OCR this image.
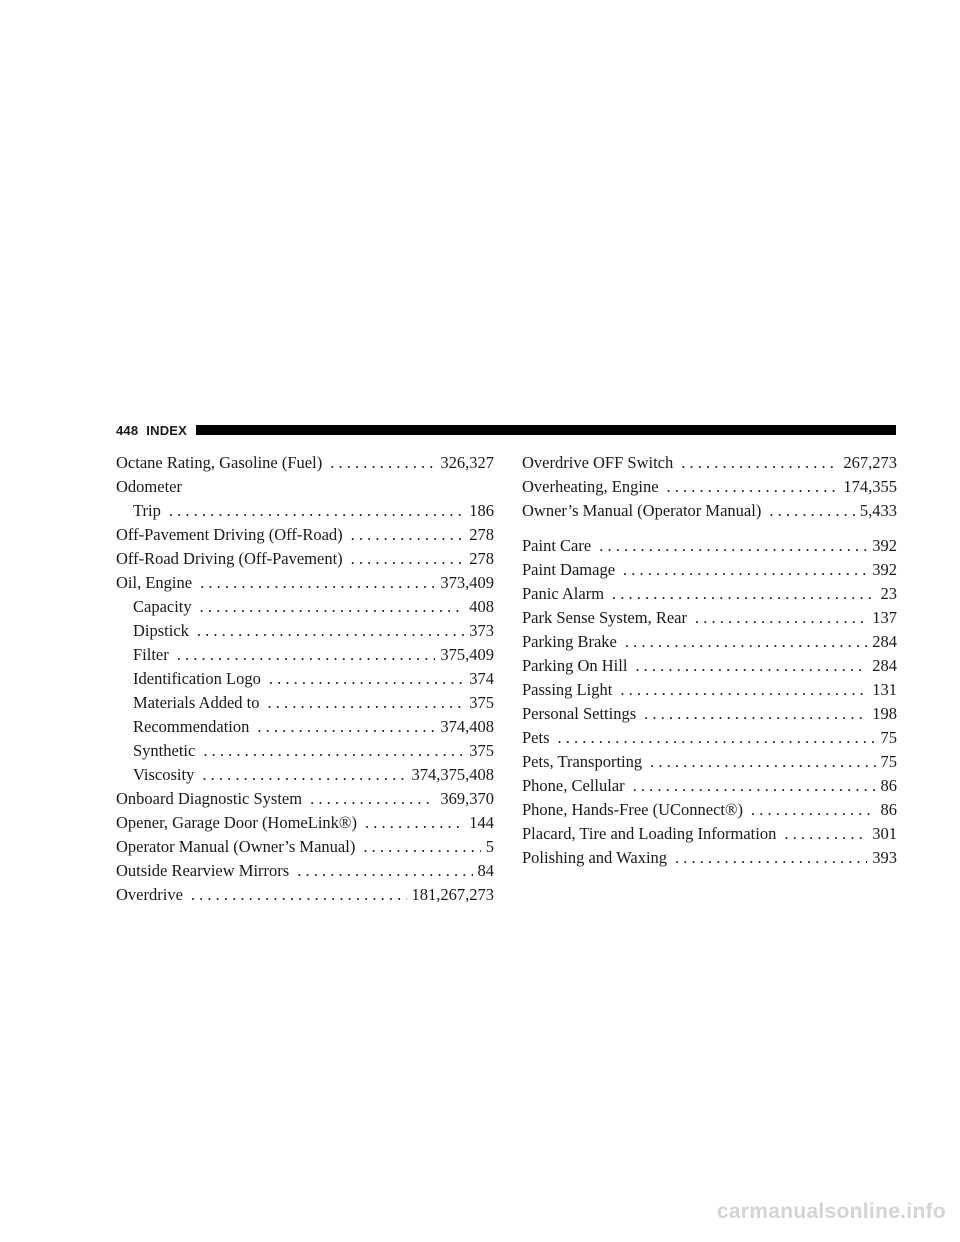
448 INDEX
Octane Rating, Gasoline (Fuel) . . .	326,327
Odometer
Trip . . .	186
Off-Pavement Driving (Off-Road) . . .	278
Off-Road Driving (Off-Pavement) . . .	278
Oil, Engine . . .	373,409
Capacity . . .	408
Dipstick . . .	373
Filter . . .	375,409
Identification Logo . . .	374
Materials Added to . . .	375
Recommendation . . .	374,408
Synthetic . . .	375
Viscosity . . .	374,375,408
Onboard Diagnostic System . . .	369,370
Opener, Garage Door (HomeLink®) . . .	144
Operator Manual (Owner’s Manual) . . .	5
Outside Rearview Mirrors . . .	84
Overdrive . . .	181,267,273
Overdrive OFF Switch . . .	267,273
Overheating, Engine . . .	174,355
Owner’s Manual (Operator Manual) . . .	5,433
Paint Care . . .	392
Paint Damage . . .	392
Panic Alarm . . .	23
Park Sense System, Rear . . .	137
Parking Brake . . .	284
Parking On Hill . . .	284
Passing Light . . .	131
Personal Settings . . .	198
Pets . . .	75
Pets, Transporting . . .	75
Phone, Cellular . . .	86
Phone, Hands-Free (UConnect®) . . .	86
Placard, Tire and Loading Information . . .	301
Polishing and Waxing . . .	393
carmanualsonline.info
